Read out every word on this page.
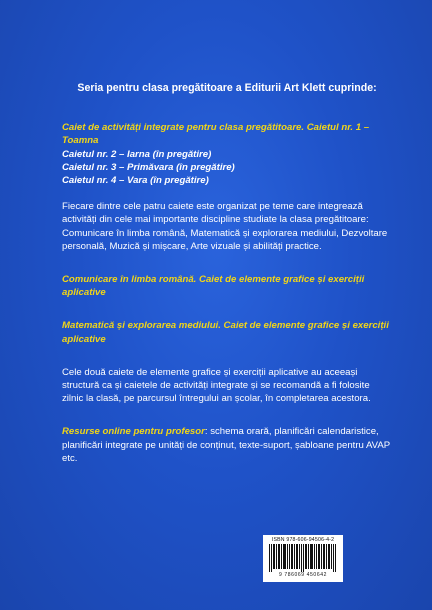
Seria pentru clasa pregătitoare a Editurii Art Klett cuprinde:

Caiet de activități integrate pentru clasa pregătitoare. Caietul nr. 1 – Toamna

Caietul nr. 2 – Iarna (în pregătire)

Caietul nr. 3 – Primăvara (în pregătire)

Caietul nr. 4 – Vara (în pregătire)

Fiecare dintre cele patru caiete este organizat pe teme care integrează activități din cele mai importante discipline studiate la clasa pregătitoare: Comunicare în limba română, Matematică și explorarea mediului, Dezvoltare personală, Muzică și mișcare, Arte vizuale și abilități practice.

Comunicare în limba română. Caiet de elemente grafice și exerciții aplicative

Matematică și explorarea mediului. Caiet de elemente grafice și exerciții aplicative

Cele două caiete de elemente grafice și exerciții aplicative au aceeași structură ca și caietele de activități integrate și se recomandă a fi folosite zilnic la clasă, pe parcursul întregului an școlar, în completarea acestora.

Resurse online pentru profesor: schema orară, planificări calendaristice, planificări integrate pe unități de conținut, texte-suport, șabloane pentru AVAP etc.

ISBN 978-606-94506-4-2
9 786069 450642
